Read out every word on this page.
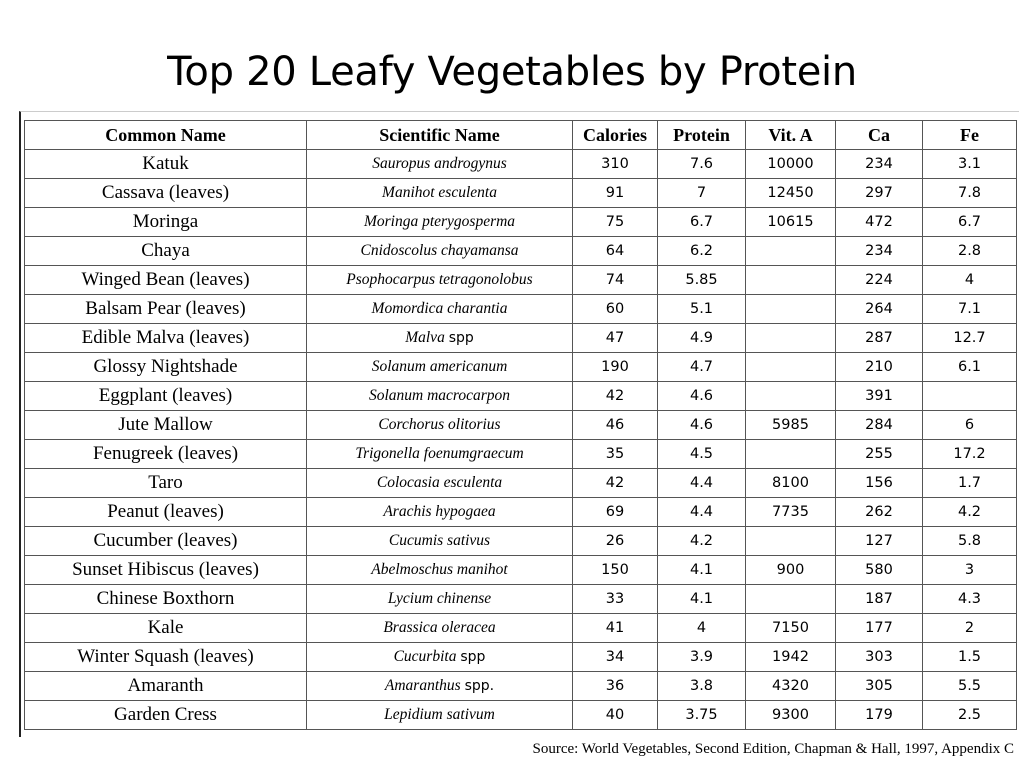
Top 20 Leafy Vegetables by Protein
Common Name	Scientific Name	Calories	Protein	Vit. A	Ca	Fe
Katuk	Sauropus androgynus	310	7.6	10000	234	3.1
Cassava (leaves)	Manihot esculenta	91	7	12450	297	7.8
Moringa	Moringa pterygosperma	75	6.7	10615	472	6.7
Chaya	Cnidoscolus chayamansa	64	6.2		234	2.8
Winged Bean (leaves)	Psophocarpus tetragonolobus	74	5.85		224	4
Balsam Pear (leaves)	Momordica charantia	60	5.1		264	7.1
Edible Malva (leaves)	Malva spp	47	4.9		287	12.7
Glossy Nightshade	Solanum americanum	190	4.7		210	6.1
Eggplant (leaves)	Solanum macrocarpon	42	4.6		391	
Jute Mallow	Corchorus olitorius	46	4.6	5985	284	6
Fenugreek (leaves)	Trigonella foenumgraecum	35	4.5		255	17.2
Taro	Colocasia esculenta	42	4.4	8100	156	1.7
Peanut (leaves)	Arachis hypogaea	69	4.4	7735	262	4.2
Cucumber (leaves)	Cucumis sativus	26	4.2		127	5.8
Sunset Hibiscus (leaves)	Abelmoschus manihot	150	4.1	900	580	3
Chinese Boxthorn	Lycium chinense	33	4.1		187	4.3
Kale	Brassica oleracea	41	4	7150	177	2
Winter Squash (leaves)	Cucurbita spp	34	3.9	1942	303	1.5
Amaranth	Amaranthus spp.	36	3.8	4320	305	5.5
Garden Cress	Lepidium sativum	40	3.75	9300	179	2.5
Source: World Vegetables, Second Edition, Chapman & Hall, 1997, Appendix C
